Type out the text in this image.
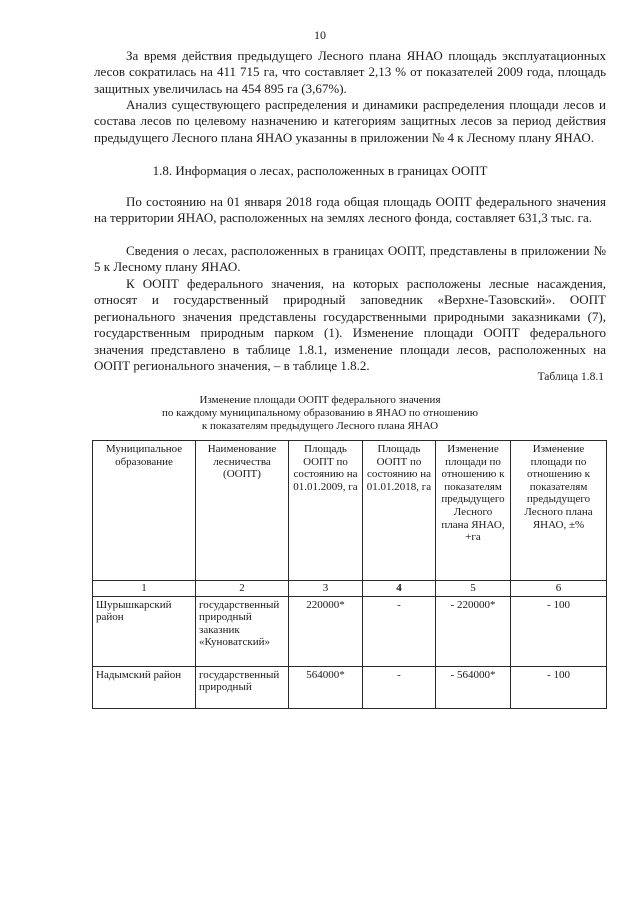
10
За время действия предыдущего Лесного плана ЯНАО площадь эксплуатационных лесов сократилась на 411 715 га, что составляет 2,13 % от показателей 2009 года, площадь защитных увеличилась на 454 895 га (3,67%).
Анализ существующего распределения и динамики распределения площади лесов и состава лесов по целевому назначению и категориям защитных лесов за период действия предыдущего Лесного плана ЯНАО указанны в приложении № 4 к Лесному плану ЯНАО.
1.8. Информация о лесах, расположенных в границах ООПТ
По состоянию на 01 января 2018 года общая площадь ООПТ федерального значения на территории ЯНАО, расположенных на землях лесного фонда, составляет 631,3 тыс. га.
Сведения о лесах, расположенных в границах ООПТ, представлены в приложении № 5 к Лесному плану ЯНАО.
К ООПТ федерального значения, на которых расположены лесные насаждения, относят и государственный природный заповедник «Верхне-Тазовский». ООПТ регионального значения представлены государственными природными заказниками (7), государственным природным парком (1). Изменение площади ООПТ федерального значения представлено в таблице 1.8.1, изменение площади лесов, расположенных на ООПТ регионального значения, – в таблице 1.8.2.
Таблица 1.8.1
Изменение площади ООПТ федерального значения
по каждому муниципальному образованию в ЯНАО по отношению
к показателям предыдущего Лесного плана ЯНАО
Муниципальное образование	Наименование лесничества (ООПТ)	Площадь ООПТ по состоянию на 01.01.2009, га	Площадь ООПТ по состоянию на 01.01.2018, га	Изменение площади по отношению к показателям предыдущего Лесного плана ЯНАО, +га	Изменение площади по отношению к показателям предыдущего Лесного плана ЯНАО, ±%
1	2	3	4	5	6
Шурышкарский район	государственный природный заказник «Куноватский»	220000*	-	- 220000*	- 100
Надымский район	государственный природный	564000*	-	- 564000*	- 100
